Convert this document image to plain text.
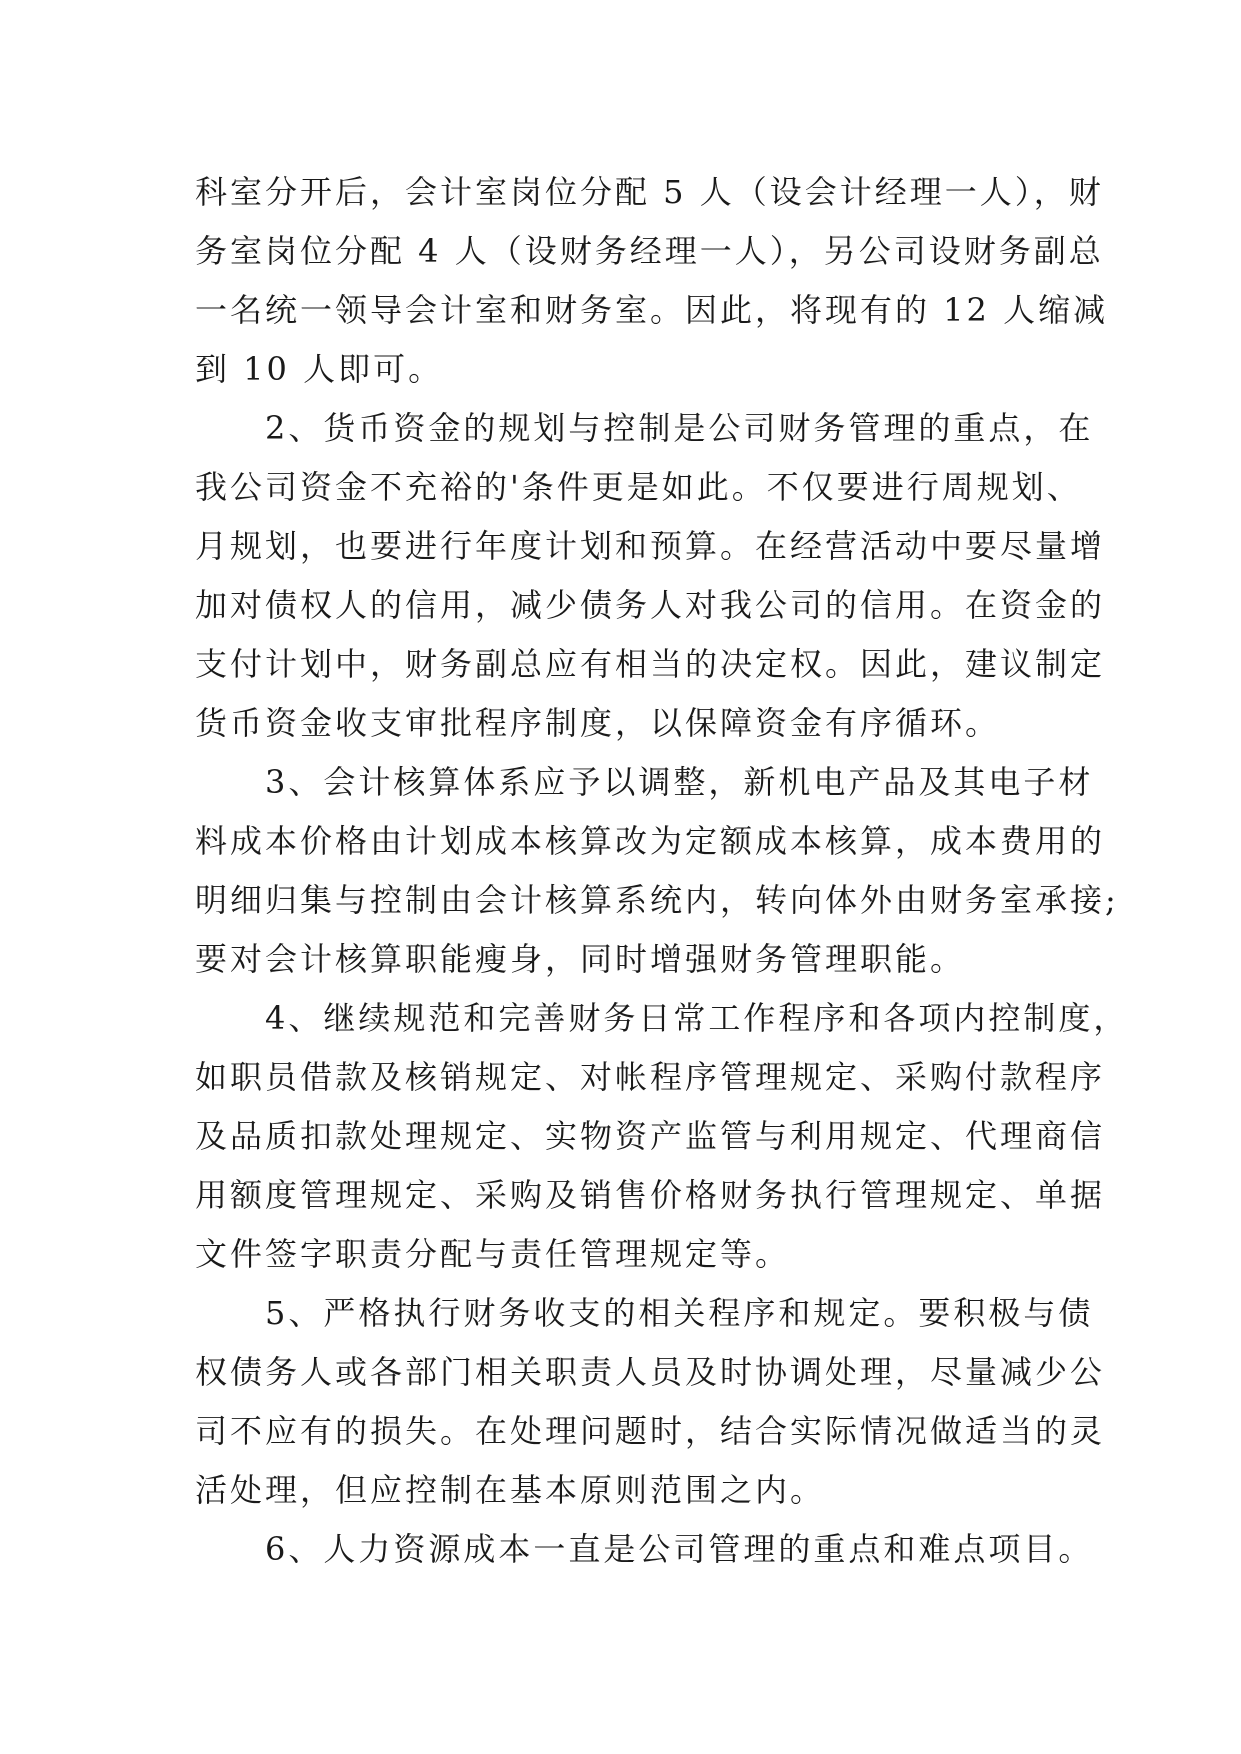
科室分开后，会计室岗位分配 5 人（设会计经理一人），财
务室岗位分配 4 人（设财务经理一人），另公司设财务副总
一名统一领导会计室和财务室。因此，将现有的 12 人缩减
到 10 人即可。
　　2、货币资金的规划与控制是公司财务管理的重点，在
我公司资金不充裕的'条件更是如此。不仅要进行周规划、
月规划，也要进行年度计划和预算。在经营活动中要尽量增
加对债权人的信用，减少债务人对我公司的信用。在资金的
支付计划中，财务副总应有相当的决定权。因此，建议制定
货币资金收支审批程序制度，以保障资金有序循环。
　　3、会计核算体系应予以调整，新机电产品及其电子材
料成本价格由计划成本核算改为定额成本核算，成本费用的
明细归集与控制由会计核算系统内，转向体外由财务室承接;
要对会计核算职能瘦身，同时增强财务管理职能。
　　4、继续规范和完善财务日常工作程序和各项内控制度，
如职员借款及核销规定、对帐程序管理规定、采购付款程序
及品质扣款处理规定、实物资产监管与利用规定、代理商信
用额度管理规定、采购及销售价格财务执行管理规定、单据
文件签字职责分配与责任管理规定等。
　　5、严格执行财务收支的相关程序和规定。要积极与债
权债务人或各部门相关职责人员及时协调处理，尽量减少公
司不应有的损失。在处理问题时，结合实际情况做适当的灵
活处理，但应控制在基本原则范围之内。
　　6、人力资源成本一直是公司管理的重点和难点项目。
